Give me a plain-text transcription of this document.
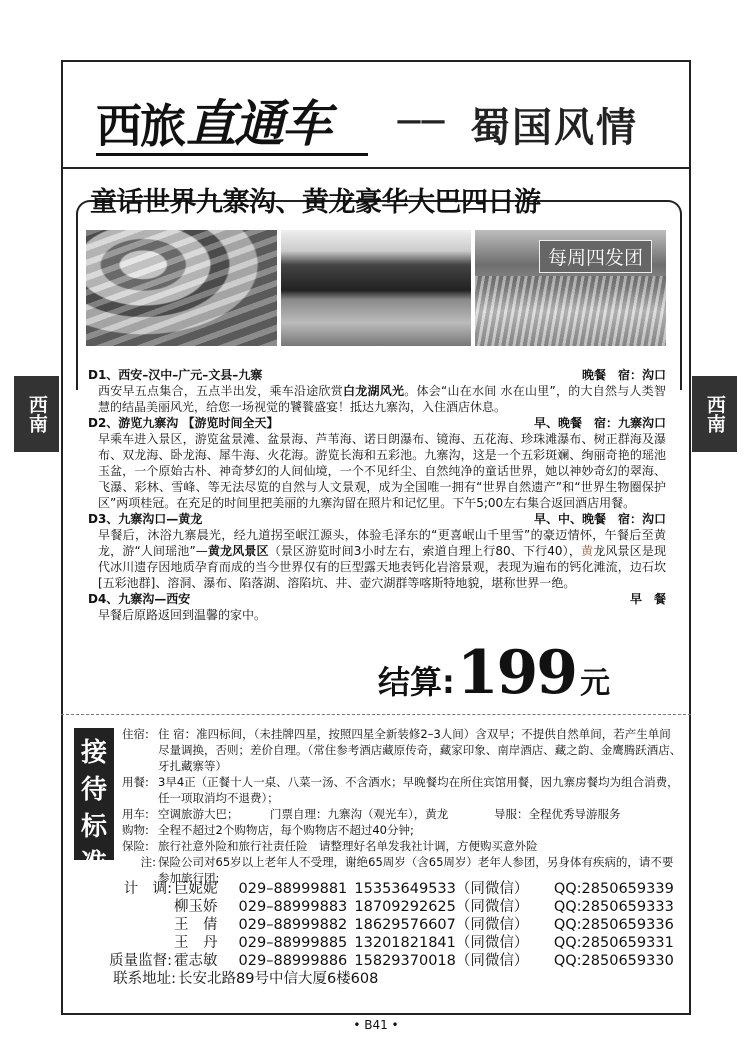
西旅 直通车	—— 蜀国风情
童话世界九寨沟、黄龙豪华大巴四日游
每周四发团
西南	西南
D1、西安–汉中–广元–文县–九寨	晚餐　宿：沟口
西安早五点集合，五点半出发，乘车沿途欣赏白龙湖风光。体会“山在水间 水在山里”，的大自然与人类智慧的结晶美丽风光，给您一场视觉的饕餮盛宴！抵达九寨沟，入住酒店休息。
D2、游览九寨沟 【游览时间全天】	早、晚餐　宿：九寨沟口
早乘车进入景区，游览盆景滩、盆景海、芦苇海、诺日朗瀑布、镜海、五花海、珍珠滩瀑布、树正群海及瀑布、双龙海、卧龙海、犀牛海、火花海。游览长海和五彩池。九寨沟，这是一个五彩斑斓、绚丽奇艳的瑶池玉盆，一个原始古朴、神奇梦幻的人间仙境，一个不见纤尘、自然纯净的童话世界，她以神妙奇幻的翠海、飞瀑、彩林、雪峰、等无法尽览的自然与人文景观，成为全国唯一拥有“世界自然遗产”和“世界生物圈保护区”两项桂冠。在充足的时间里把美丽的九寨沟留在照片和记忆里。下午5;00左右集合返回酒店用餐。
D3、九寨沟口—黄龙	早、中、晚餐　宿：沟口
早餐后，沐浴九寨晨光，经九道拐至岷江源头，体验毛泽东的“更喜岷山千里雪”的豪迈情怀，午餐后至黄龙，游“人间瑶池”—黄龙风景区（景区游览时间3小时左右，索道自理上行80、下行40），黄龙风景区是现代冰川遗存因地质孕育而成的当今世界仅有的巨型露天地表钙化岩溶景观，表现为遍布的钙化滩流，边石坎[五彩池群]、溶洞、瀑布、陷落湖、溶陷坑、井、壶穴湖群等喀斯特地貌，堪称世界一绝。
D4、九寨沟—西安	早　餐
早餐后原路返回到温馨的家中。
结算: 199 元
接
待
标
准
住宿: 住 宿：准四标间，（未挂牌四星，按照四星全新装修2–3人间）含双早；不提供自然单间，若产生单间尽量调换，否则；差价自理。（常住参考酒店藏原传奇，藏家印象、南岸酒店、藏之韵、金鹰腾跃酒店、牙扎藏寨等）
用餐: 3早4正（正餐十人一桌、八菜一汤、不含酒水；早晚餐均在所住宾馆用餐，因九寨房餐均为组合消费，任一项取消均不退费）；
用车: 空调旅游大巴；	门票自理：九寨沟（观光车），黄龙	导服：全程优秀导游服务
购物: 全程不超过2个购物店，每个购物店不超过40分钟;
保险: 旅行社意外险和旅行社责任险　请整理好名单发我社计调，方便购买意外险
注: 保险公司对65岁以上老年人不受理，谢绝65周岁（含65周岁）老年人参团，另身体有疾病的，请不要参加旅行团;
计　调: 巨妮妮	029–88999881 15353649533（同微信）	QQ: 2850659339
柳玉娇	029–88999883 18709292625（同微信）	QQ: 2850659333
王　倩	029–88999882 18629576607（同微信）	QQ: 2850659336
王　丹	029–88999885 13201821841（同微信）	QQ: 2850659331
质量监督: 霍志敏	029–88999886 15829370018（同微信）	QQ: 2850659330
联系地址: 长安北路89号中信大厦6楼608
• B41 •
